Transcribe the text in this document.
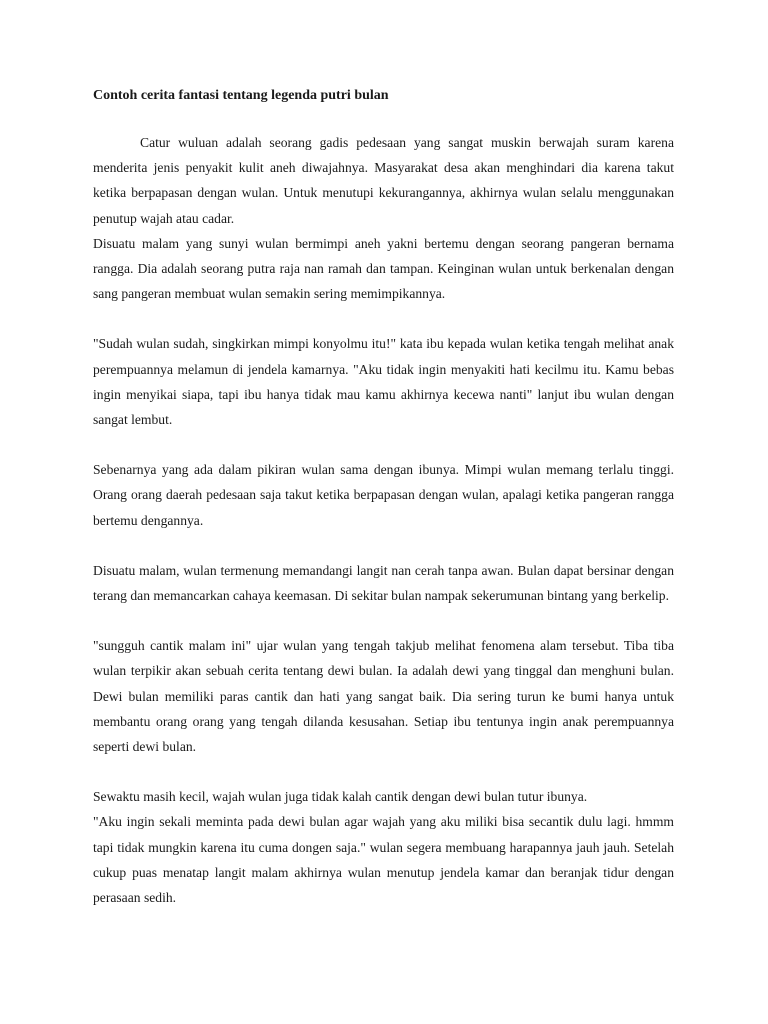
Contoh cerita fantasi tentang legenda putri bulan

Catur wuluan adalah seorang gadis pedesaan yang sangat muskin berwajah suram karena menderita jenis penyakit kulit aneh diwajahnya. Masyarakat desa akan menghindari dia karena takut ketika berpapasan dengan wulan. Untuk menutupi kekurangannya, akhirnya wulan selalu menggunakan penutup wajah atau cadar.

Disuatu malam yang sunyi wulan bermimpi aneh yakni bertemu dengan seorang pangeran bernama rangga. Dia adalah seorang putra raja nan ramah dan tampan. Keinginan wulan untuk berkenalan dengan sang pangeran membuat wulan semakin sering memimpikannya.

"Sudah wulan sudah, singkirkan mimpi konyolmu itu!" kata ibu kepada wulan ketika tengah melihat anak perempuannya melamun di jendela kamarnya. "Aku tidak ingin menyakiti hati kecilmu itu. Kamu bebas ingin menyikai siapa, tapi ibu hanya tidak mau kamu akhirnya kecewa nanti" lanjut ibu wulan dengan sangat lembut.

Sebenarnya yang ada dalam pikiran wulan sama dengan ibunya. Mimpi wulan memang terlalu tinggi. Orang orang daerah pedesaan saja takut ketika berpapasan dengan wulan, apalagi ketika pangeran rangga bertemu dengannya.

Disuatu malam, wulan termenung memandangi langit nan cerah tanpa awan. Bulan dapat bersinar dengan terang dan memancarkan cahaya keemasan. Di sekitar bulan nampak sekerumunan bintang yang berkelip.

"sungguh cantik malam ini" ujar wulan yang tengah takjub melihat fenomena alam tersebut. Tiba tiba wulan terpikir akan sebuah cerita tentang dewi bulan. Ia adalah dewi yang tinggal dan menghuni bulan. Dewi bulan memiliki paras cantik dan hati yang sangat baik. Dia sering turun ke bumi hanya untuk membantu orang orang yang tengah dilanda kesusahan. Setiap ibu tentunya ingin anak perempuannya seperti dewi bulan.

Sewaktu masih kecil, wajah wulan juga tidak kalah cantik dengan dewi bulan tutur ibunya.

"Aku ingin sekali meminta pada dewi bulan agar wajah yang aku miliki bisa secantik dulu lagi. hmmm tapi tidak mungkin karena itu cuma dongen saja." wulan segera membuang harapannya jauh jauh. Setelah cukup puas menatap langit malam akhirnya wulan menutup jendela kamar dan beranjak tidur dengan perasaan sedih.
